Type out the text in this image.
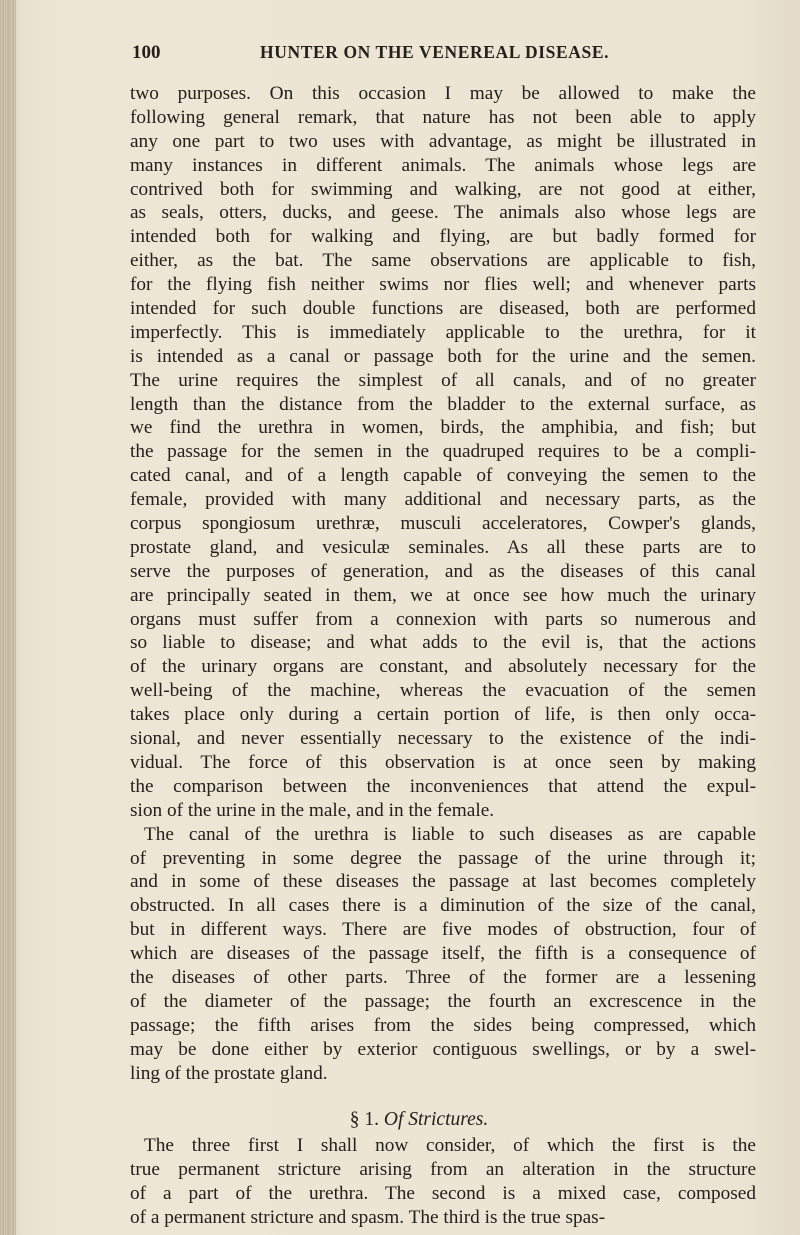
100	HUNTER ON THE VENEREAL DISEASE.
two purposes. On this occasion I may be allowed to make the
following general remark, that nature has not been able to apply
any one part to two uses with advantage, as might be illustrated in
many instances in different animals. The animals whose legs are
contrived both for swimming and walking, are not good at either,
as seals, otters, ducks, and geese. The animals also whose legs are
intended both for walking and flying, are but badly formed for
either, as the bat. The same observations are applicable to fish,
for the flying fish neither swims nor flies well; and whenever parts
intended for such double functions are diseased, both are performed
imperfectly. This is immediately applicable to the urethra, for it
is intended as a canal or passage both for the urine and the semen.
The urine requires the simplest of all canals, and of no greater
length than the distance from the bladder to the external surface, as
we find the urethra in women, birds, the amphibia, and fish; but
the passage for the semen in the quadruped requires to be a compli-
cated canal, and of a length capable of conveying the semen to the
female, provided with many additional and necessary parts, as the
corpus spongiosum urethræ, musculi acceleratores, Cowper's glands,
prostate gland, and vesiculæ seminales. As all these parts are to
serve the purposes of generation, and as the diseases of this canal
are principally seated in them, we at once see how much the urinary
organs must suffer from a connexion with parts so numerous and
so liable to disease; and what adds to the evil is, that the actions
of the urinary organs are constant, and absolutely necessary for the
well-being of the machine, whereas the evacuation of the semen
takes place only during a certain portion of life, is then only occa-
sional, and never essentially necessary to the existence of the indi-
vidual. The force of this observation is at once seen by making
the comparison between the inconveniences that attend the expul-
sion of the urine in the male, and in the female.
The canal of the urethra is liable to such diseases as are capable
of preventing in some degree the passage of the urine through it;
and in some of these diseases the passage at last becomes completely
obstructed. In all cases there is a diminution of the size of the canal,
but in different ways. There are five modes of obstruction, four of
which are diseases of the passage itself, the fifth is a consequence of
the diseases of other parts. Three of the former are a lessening
of the diameter of the passage; the fourth an excrescence in the
passage; the fifth arises from the sides being compressed, which
may be done either by exterior contiguous swellings, or by a swel-
ling of the prostate gland.
§ 1. Of Strictures.
The three first I shall now consider, of which the first is the
true permanent stricture arising from an alteration in the structure
of a part of the urethra. The second is a mixed case, composed
of a permanent stricture and spasm. The third is the true spas-
